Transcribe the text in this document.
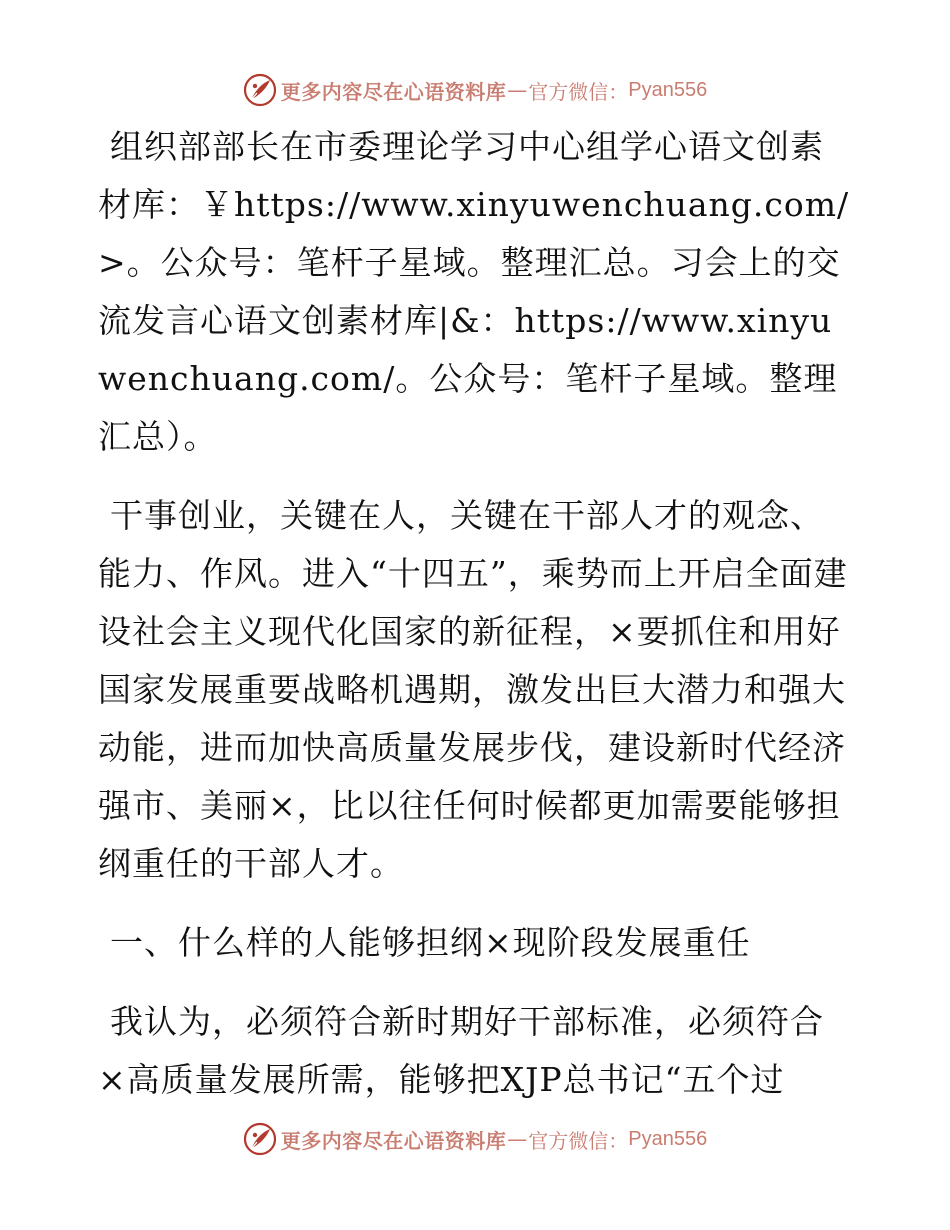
更多内容尽在心语资料库 — 官方微信： Pyan556

组织部部长在市委理论学习中心组学心语文创素材库：￥https://www.xinyuwenchuang.com/>。公众号：笔杆子星域。整理汇总。习会上的交流发言心语文创素材库|&：https://www.xinyuwenchuang.com/。公众号：笔杆子星域。整理汇总）。

干事创业，关键在人，关键在干部人才的观念、能力、作风。进入“十四五”，乘势而上开启全面建设社会主义现代化国家的新征程，×要抓住和用好国家发展重要战略机遇期，激发出巨大潜力和强大动能，进而加快高质量发展步伐，建设新时代经济强市、美丽×，比以往任何时候都更加需要能够担纲重任的干部人才。

一、什么样的人能够担纲×现阶段发展重任

我认为，必须符合新时期好干部标准，必须符合×高质量发展所需，能够把XJP总书记“五个过

更多内容尽在心语资料库 — 官方微信： Pyan556
